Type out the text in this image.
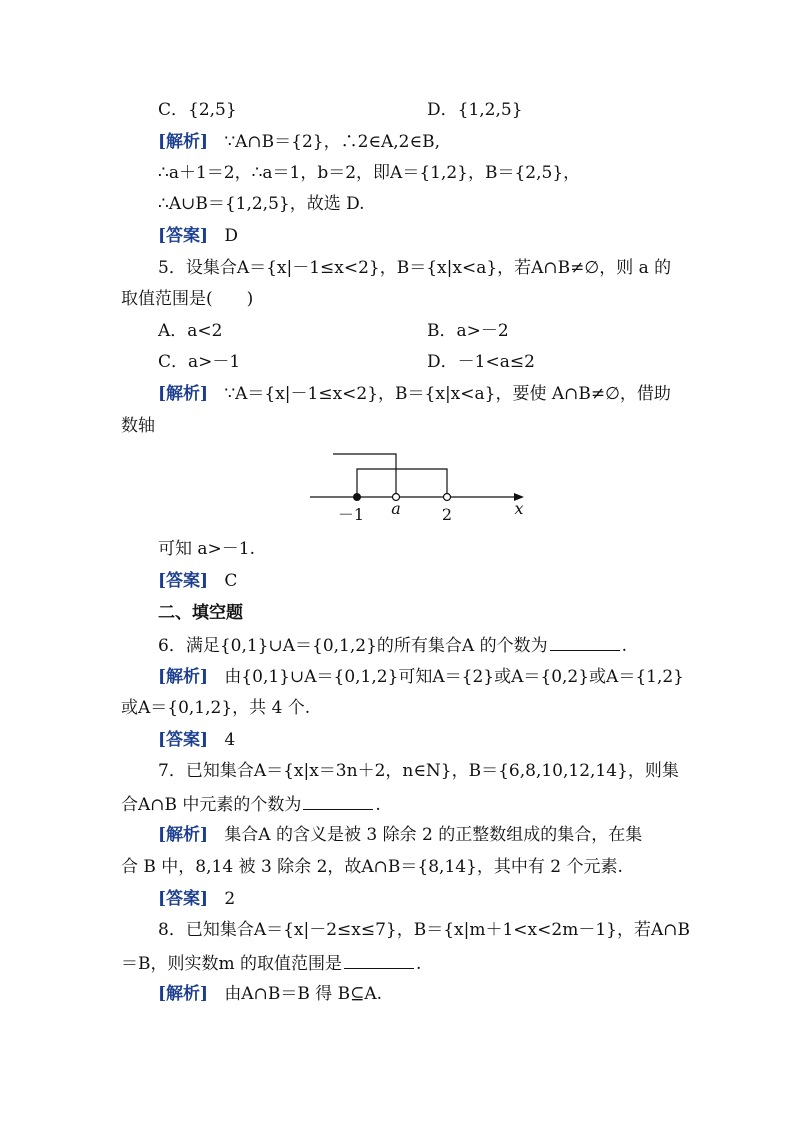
C．{2,5}	D．{1,2,5}
[解析] ∵A∩B＝{2}，∴2∈A,2∈B,
∴a＋1＝2，∴a＝1，b＝2，即A＝{1,2}，B＝{2,5}，
∴A∪B＝{1,2,5}，故选 D.
[答案] D
5．设集合A＝{x|－1≤x<2}，B＝{x|x<a}，若A∩B≠∅，则 a 的
取值范围是(　　)
A．a<2	B．a>－2
C．a>－1	D．－1<a≤2
[解析] ∵A＝{x|－1≤x<2}，B＝{x|x<a}，要使 A∩B≠∅，借助
数轴
－1 a	2	x
可知 a>－1.
[答案] C
二、填空题
6．满足{0,1}∪A＝{0,1,2}的所有集合A 的个数为	.
[解析] 由{0,1}∪A＝{0,1,2}可知A＝{2}或A＝{0,2}或A＝{1,2}
或A＝{0,1,2}，共 4 个.
[答案] 4
7．已知集合A＝{x|x＝3n＋2，n∈N}，B＝{6,8,10,12,14}，则集
合A∩B 中元素的个数为	.
[解析] 集合A 的含义是被 3 除余 2 的正整数组成的集合，在集
合 B 中，8,14 被 3 除余 2，故A∩B＝{8,14}，其中有 2 个元素.
[答案] 2
8．已知集合A＝{x|－2≤x≤7}，B＝{x|m＋1<x<2m－1}，若A∩B
＝B，则实数m 的取值范围是	.
[解析] 由A∩B＝B 得 B⊆A.
